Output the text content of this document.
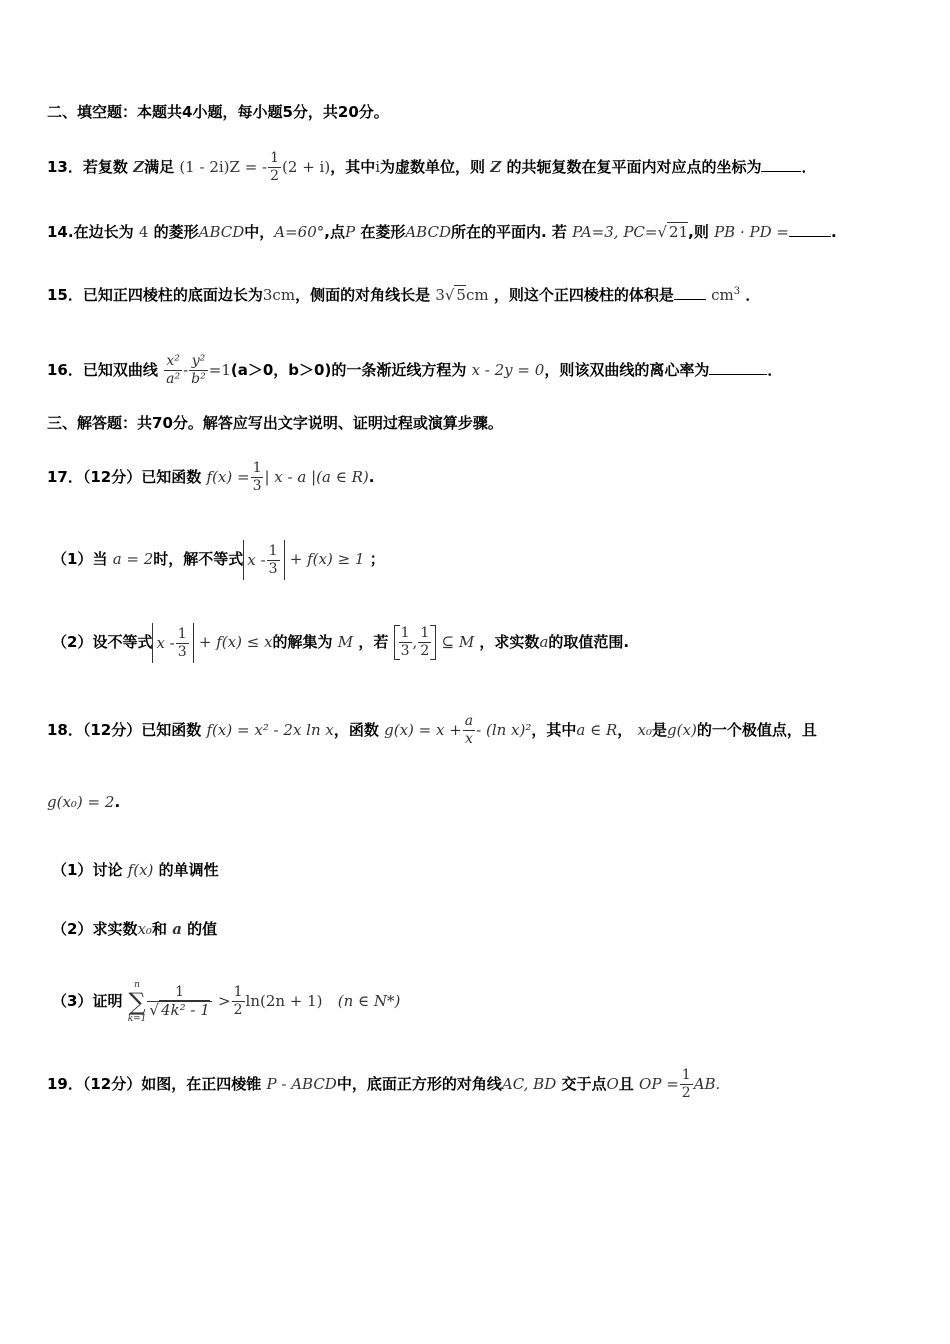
二、填空题：本题共4小题，每小题5分，共20分。
13．若复数 Z满足 (1 - 2i)Z = - $\frac{1}{2} (2 + i)$，其中i为虚数单位，则 Z 的共轭复数在复平面内对应点的坐标为	．
14.在边长为 4 的菱形ABCD中，A=60°,点P 在菱形ABCD所在的平面内. 若 PA=3, PC=√ 21,则 PB · PD =	.
15．已知正四棱柱的底面边长为3cm，侧面的对角线长是 3√ 5cm ，则这个正四棱柱的体积是 $cm^3$ ．
16．已知双曲线 $\frac{\text{x²}}{\text{a²}} - \frac{\text{y²}}{\text{b²}} =1(a>0$，b＞0)的一条渐近线方程为 x - 2y = 0，则该双曲线的离心率为	．
三、解答题：共70分。解答应写出文字说明、证明过程或演算步骤。
17．（12分）已知函数 $f(x) = \frac{1}{3}$ | x - a |(a ∈ R).
（1）当 a = 2时，解不等式 $x - \frac{1}{3} + f(x) \ge 1$ ；
（2）设不等式 $x - \frac{1}{3} + f(x) \le x$的解集为 M ，若 $\frac{1}{3}$ , $\frac{1}{2}$ ⊆ M ，求实数a的取值范围.
18．（12分）已知函数 f(x) = x² - 2x ln x，函数 $g(x) = x + \frac{a}{x} - (\ln$ x)²，其中a ∈ R， x₀是g(x)的一个极值点，且
g(x₀) = 2.
（1）讨论 f(x) 的单调性
（2）求实数x₀和 a 的值
（3）证明
n
∑
$k=1 \frac{1}{\text{√ 4k² - 1}} > \frac{1}{2} \ln(2n + 1)$ (n ∈ N*)
19．（12分）如图，在正四棱锥 P - ABCD中，底面正方形的对角线AC, BD 交于点O且 OP = $\frac{1}{2}$ AB.
